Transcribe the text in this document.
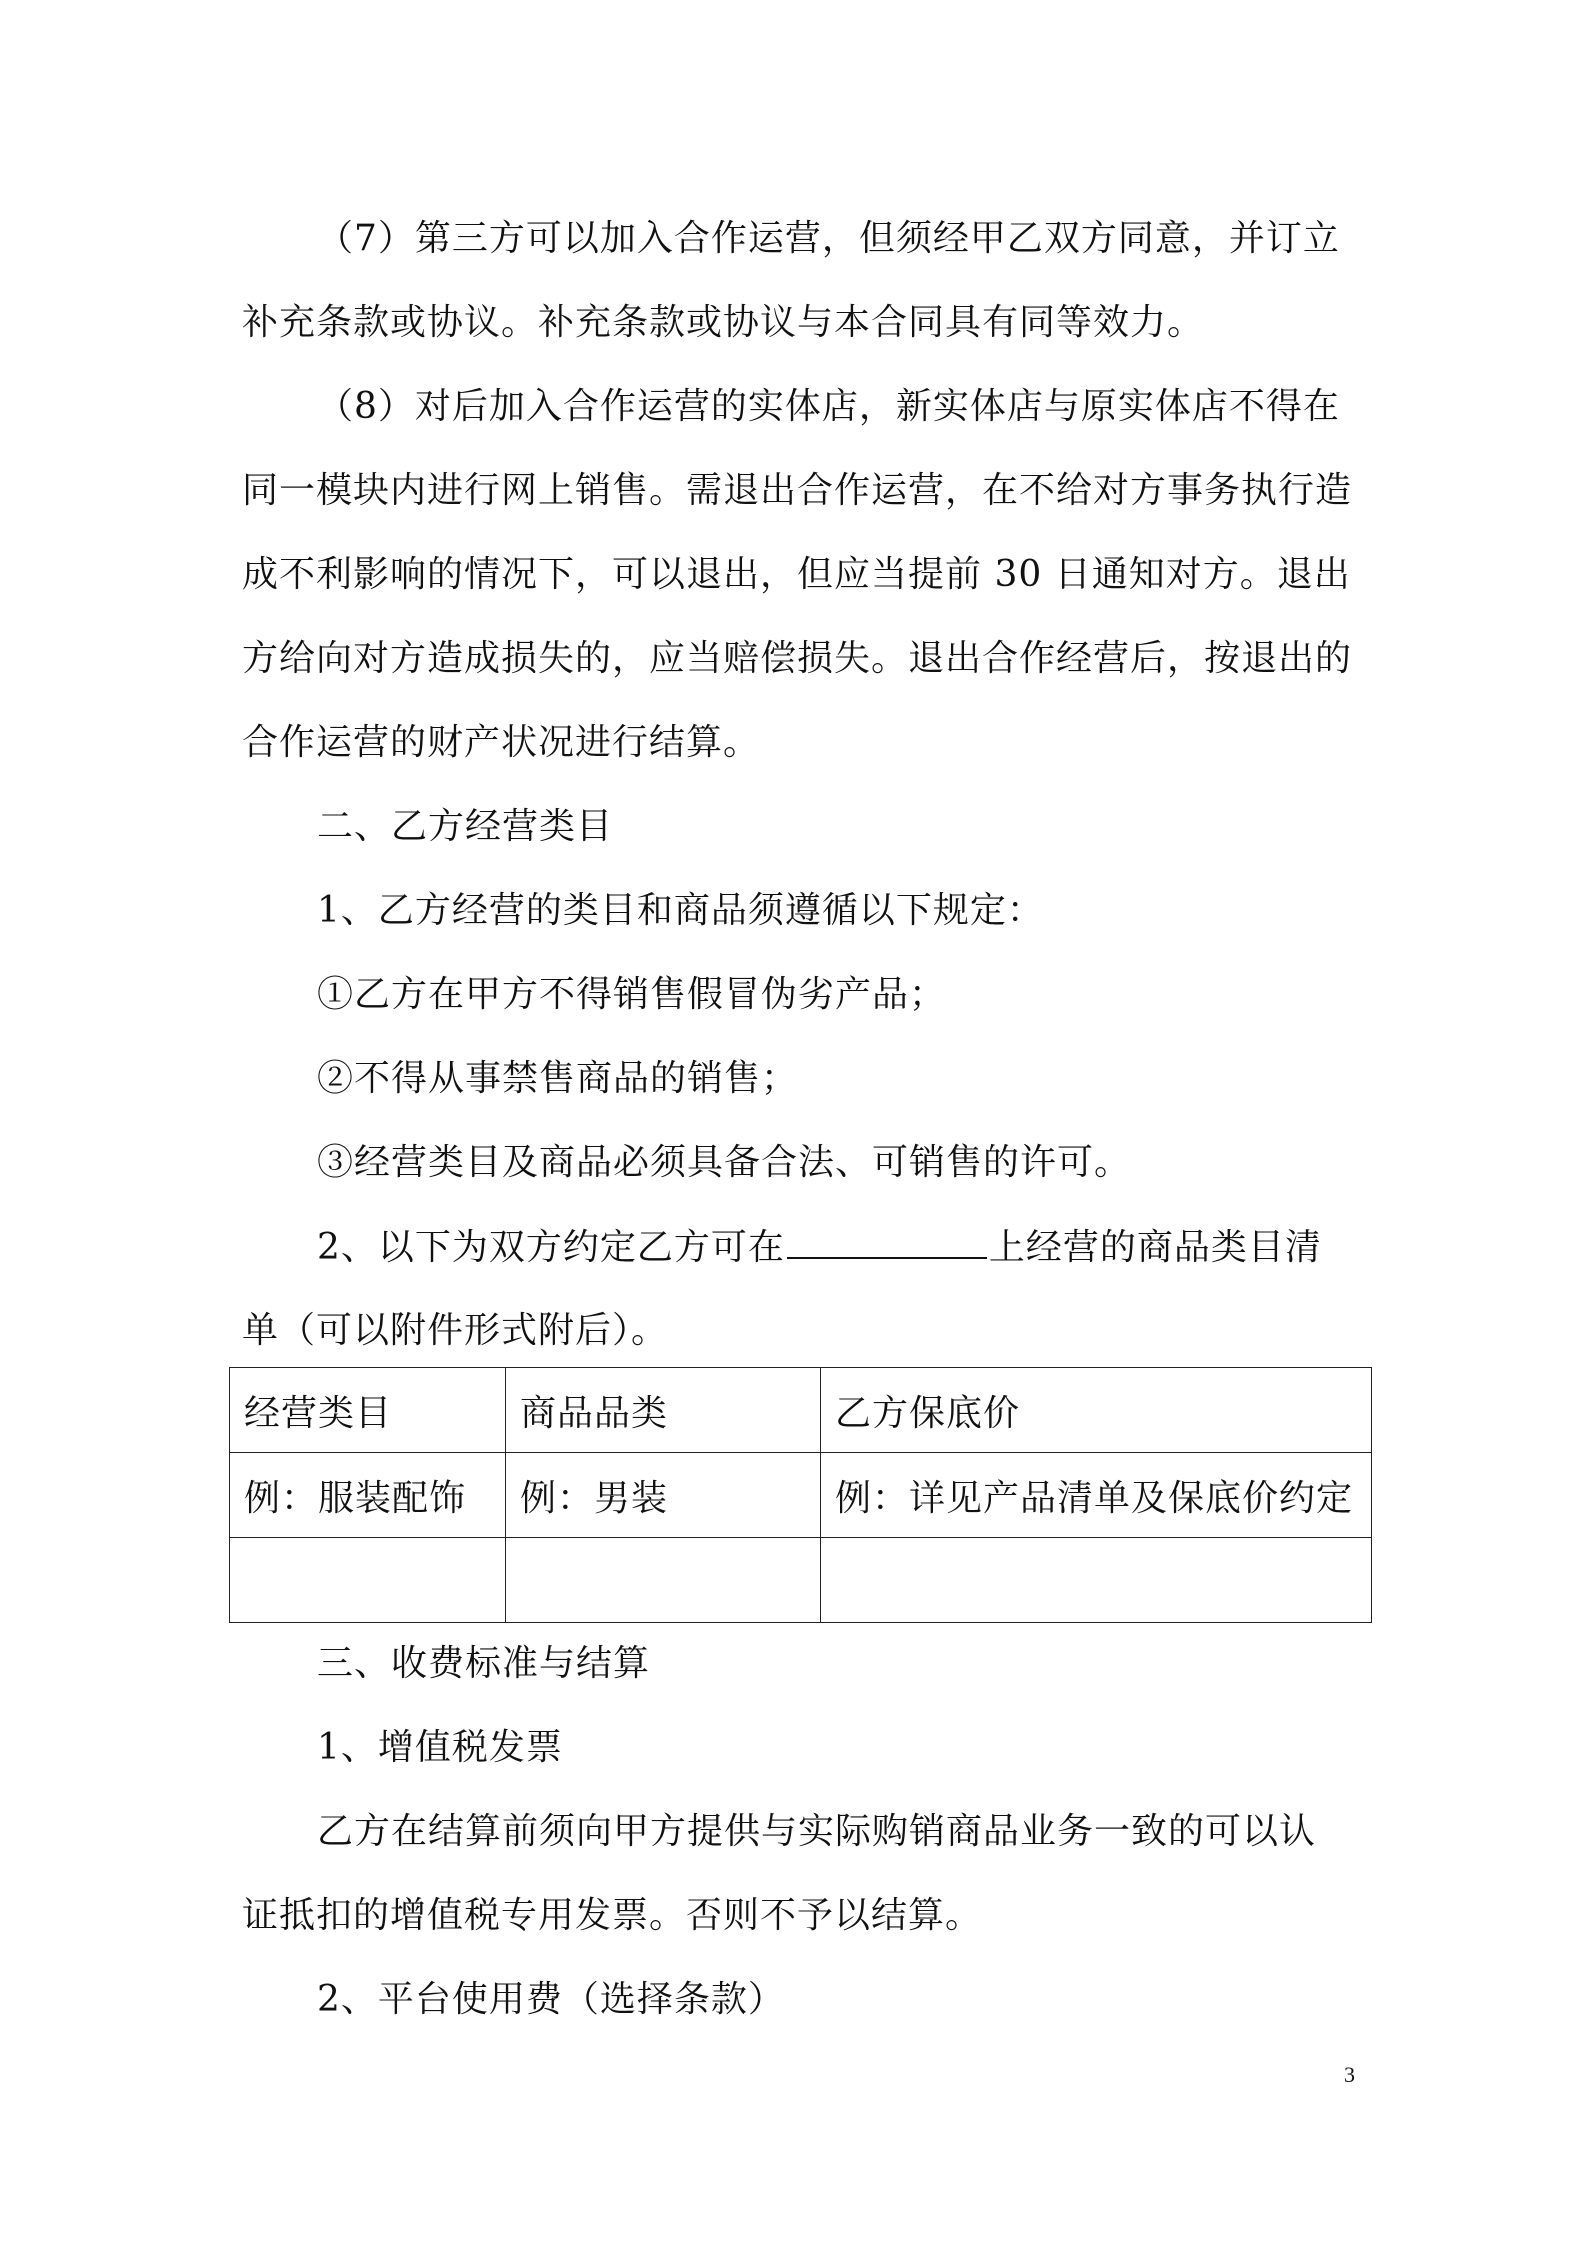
（7）第三方可以加入合作运营，但须经甲乙双方同意，并订立
补充条款或协议。补充条款或协议与本合同具有同等效力。
（8）对后加入合作运营的实体店，新实体店与原实体店不得在
同一模块内进行网上销售。需退出合作运营，在不给对方事务执行造
成不利影响的情况下，可以退出，但应当提前 30 日通知对方。退出
方给向对方造成损失的，应当赔偿损失。退出合作经营后，按退出的
合作运营的财产状况进行结算。
二、乙方经营类目
1、乙方经营的类目和商品须遵循以下规定：
①乙方在甲方不得销售假冒伪劣产品；
②不得从事禁售商品的销售；
③经营类目及商品必须具备合法、可销售的许可。
2、以下为双方约定乙方可在	上经营的商品类目清
单（可以附件形式附后）。
经营类目	商品品类	乙方保底价
例：服装配饰	例：男装	例：详见产品清单及保底价约定

三、收费标准与结算
1、增值税发票
乙方在结算前须向甲方提供与实际购销商品业务一致的可以认
证抵扣的增值税专用发票。否则不予以结算。
2、平台使用费（选择条款）
3
